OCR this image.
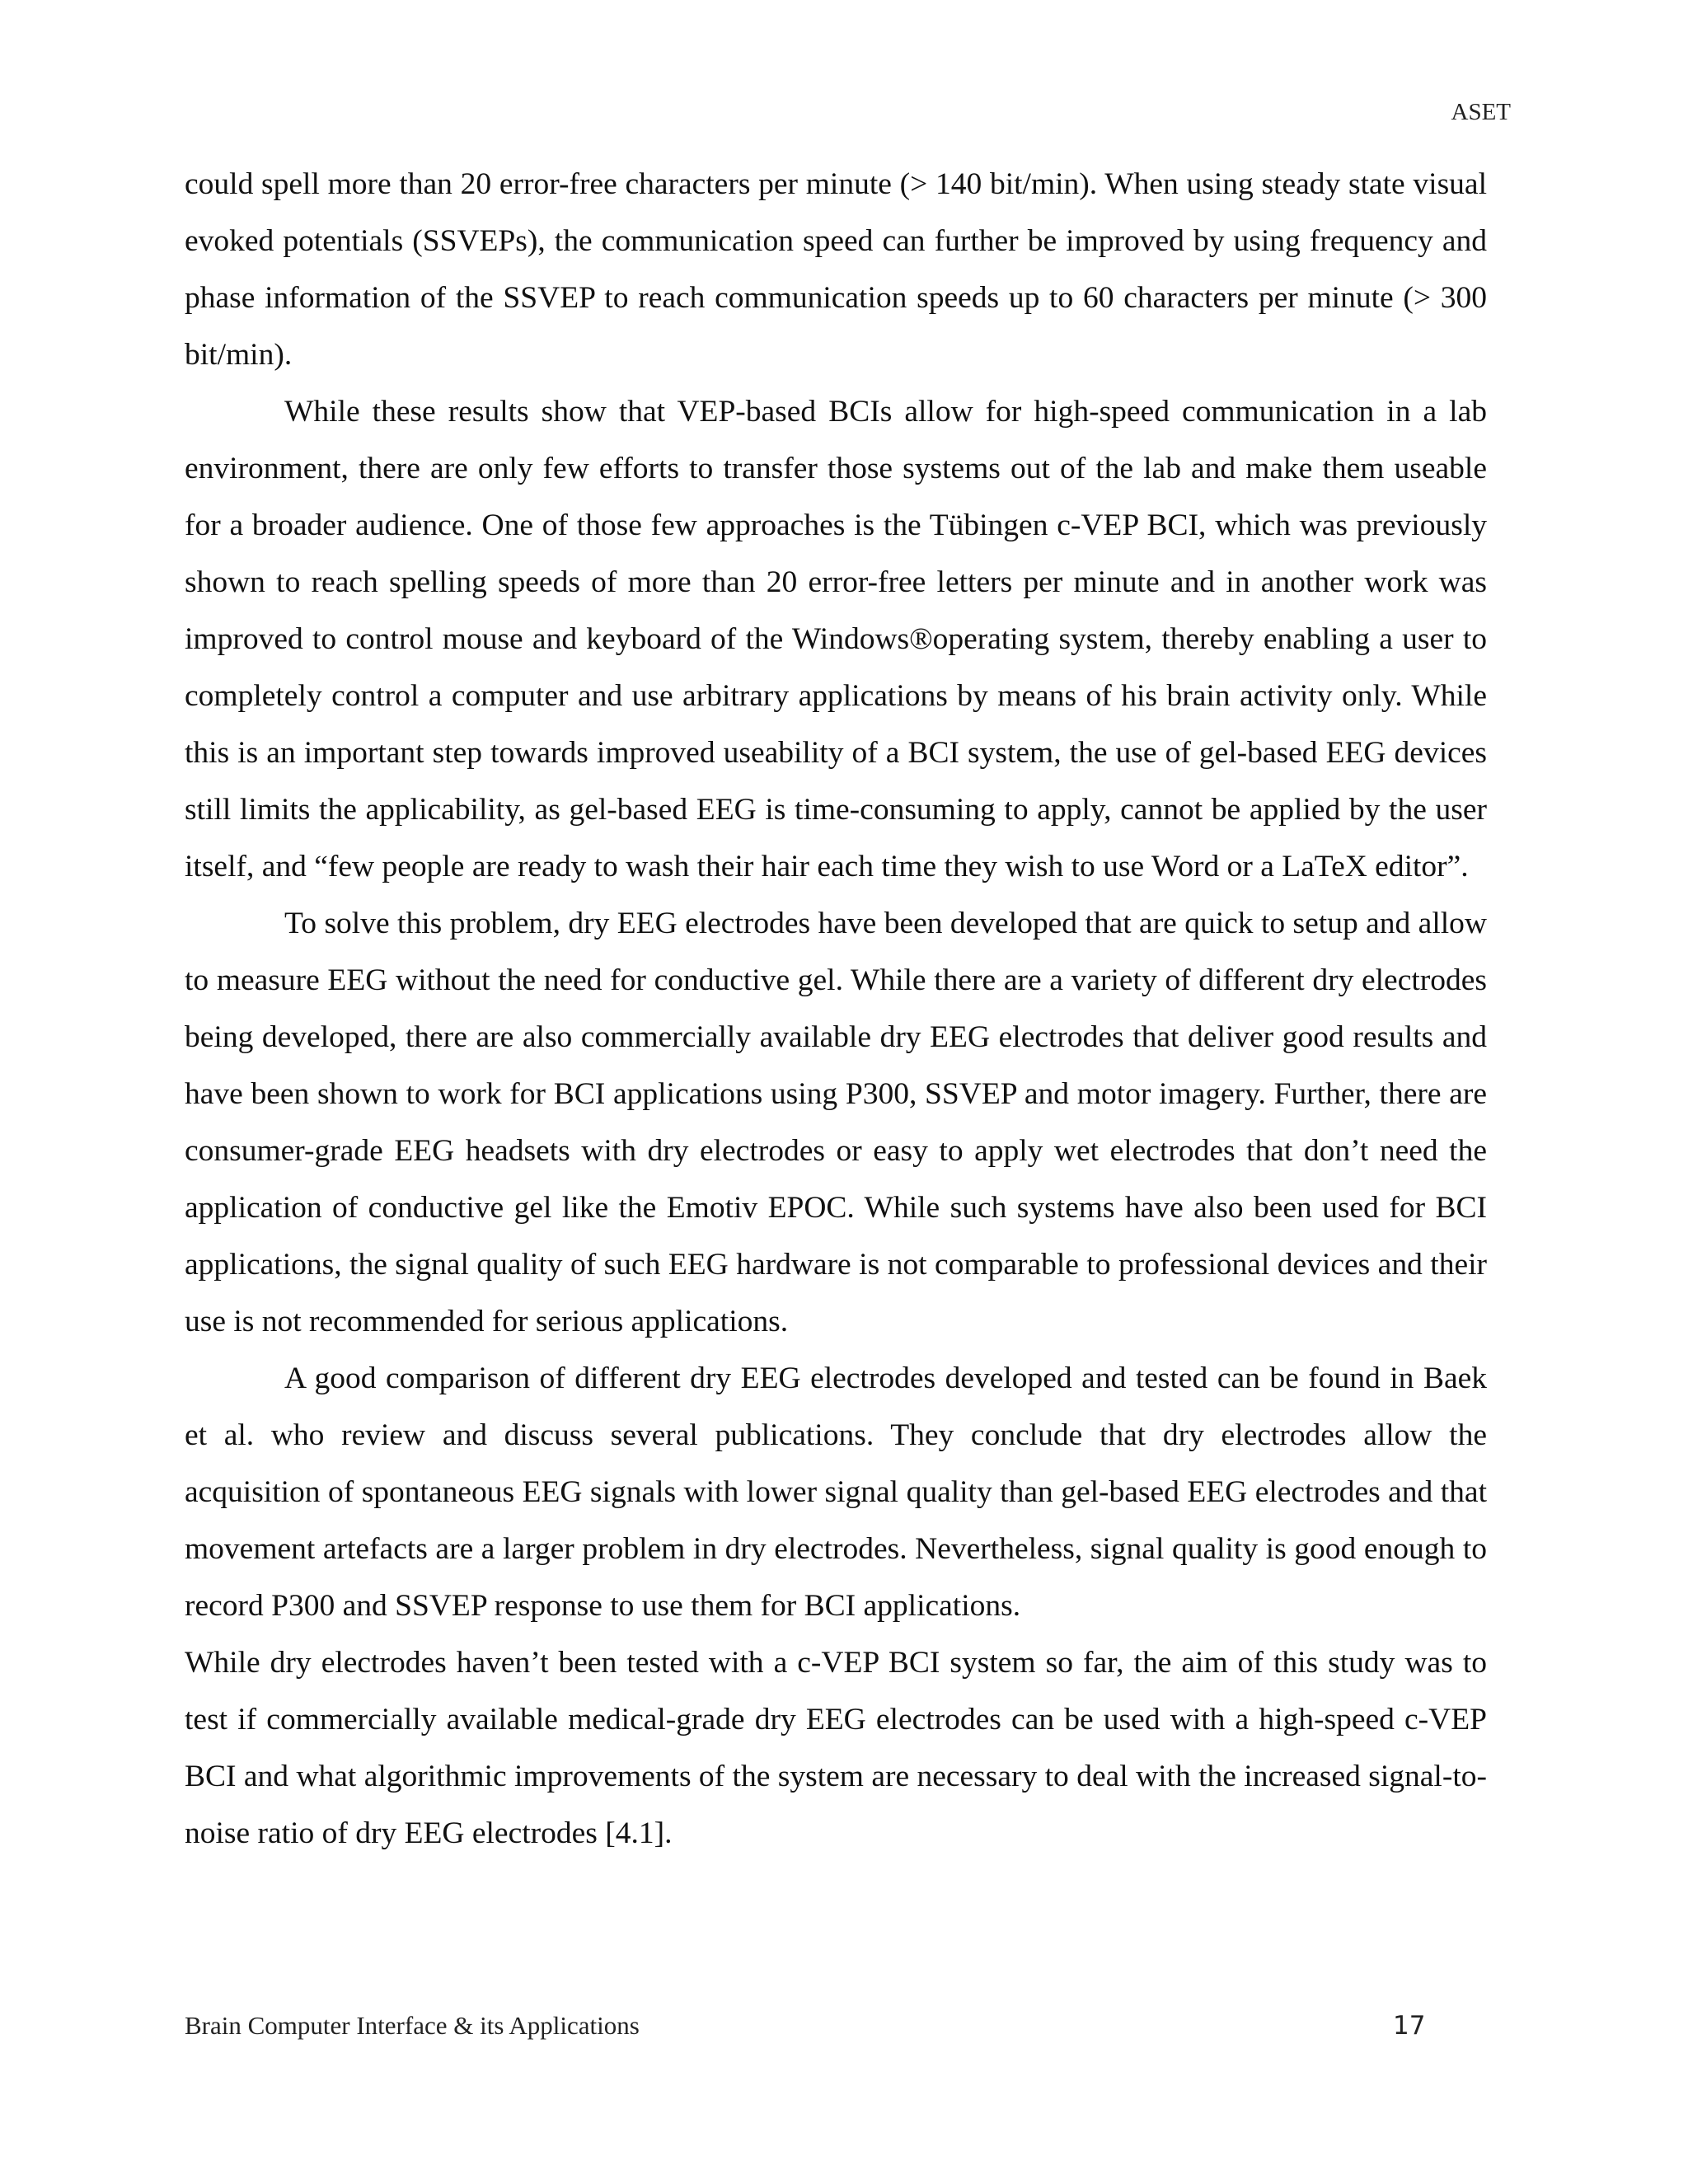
ASET

could spell more than 20 error-free characters per minute (> 140 bit/min). When using steady state visual evoked potentials (SSVEPs), the communication speed can further be improved by using frequency and phase information of the SSVEP to reach communication speeds up to 60 characters per minute (> 300 bit/min).

While these results show that VEP-based BCIs allow for high-speed communication in a lab environment, there are only few efforts to transfer those systems out of the lab and make them useable for a broader audience. One of those few approaches is the Tübingen c-VEP BCI, which was previously shown to reach spelling speeds of more than 20 error-free letters per minute and in another work was improved to control mouse and keyboard of the Windows®operating system, thereby enabling a user to completely control a computer and use arbitrary applications by means of his brain activity only. While this is an important step towards improved useability of a BCI system, the use of gel-based EEG devices still limits the applicability, as gel-based EEG is time-consuming to apply, cannot be applied by the user itself, and “few people are ready to wash their hair each time they wish to use Word or a LaTeX editor”.

To solve this problem, dry EEG electrodes have been developed that are quick to setup and allow to measure EEG without the need for conductive gel. While there are a variety of different dry electrodes being developed, there are also commercially available dry EEG electrodes that deliver good results and have been shown to work for BCI applications using P300, SSVEP and motor imagery. Further, there are consumer-grade EEG headsets with dry electrodes or easy to apply wet electrodes that don’t need the application of conductive gel like the Emotiv EPOC. While such systems have also been used for BCI applications, the signal quality of such EEG hardware is not comparable to professional devices and their use is not recommended for serious applications.

A good comparison of different dry EEG electrodes developed and tested can be found in Baek et al. who review and discuss several publications. They conclude that dry electrodes allow the acquisition of spontaneous EEG signals with lower signal quality than gel-based EEG electrodes and that movement artefacts are a larger problem in dry electrodes. Nevertheless, signal quality is good enough to record P300 and SSVEP response to use them for BCI applications.

While dry electrodes haven’t been tested with a c-VEP BCI system so far, the aim of this study was to test if commercially available medical-grade dry EEG electrodes can be used with a high-speed c-VEP BCI and what algorithmic improvements of the system are necessary to deal with the increased signal-to-noise ratio of dry EEG electrodes [4.1].

Brain Computer Interface & its Applications	17
